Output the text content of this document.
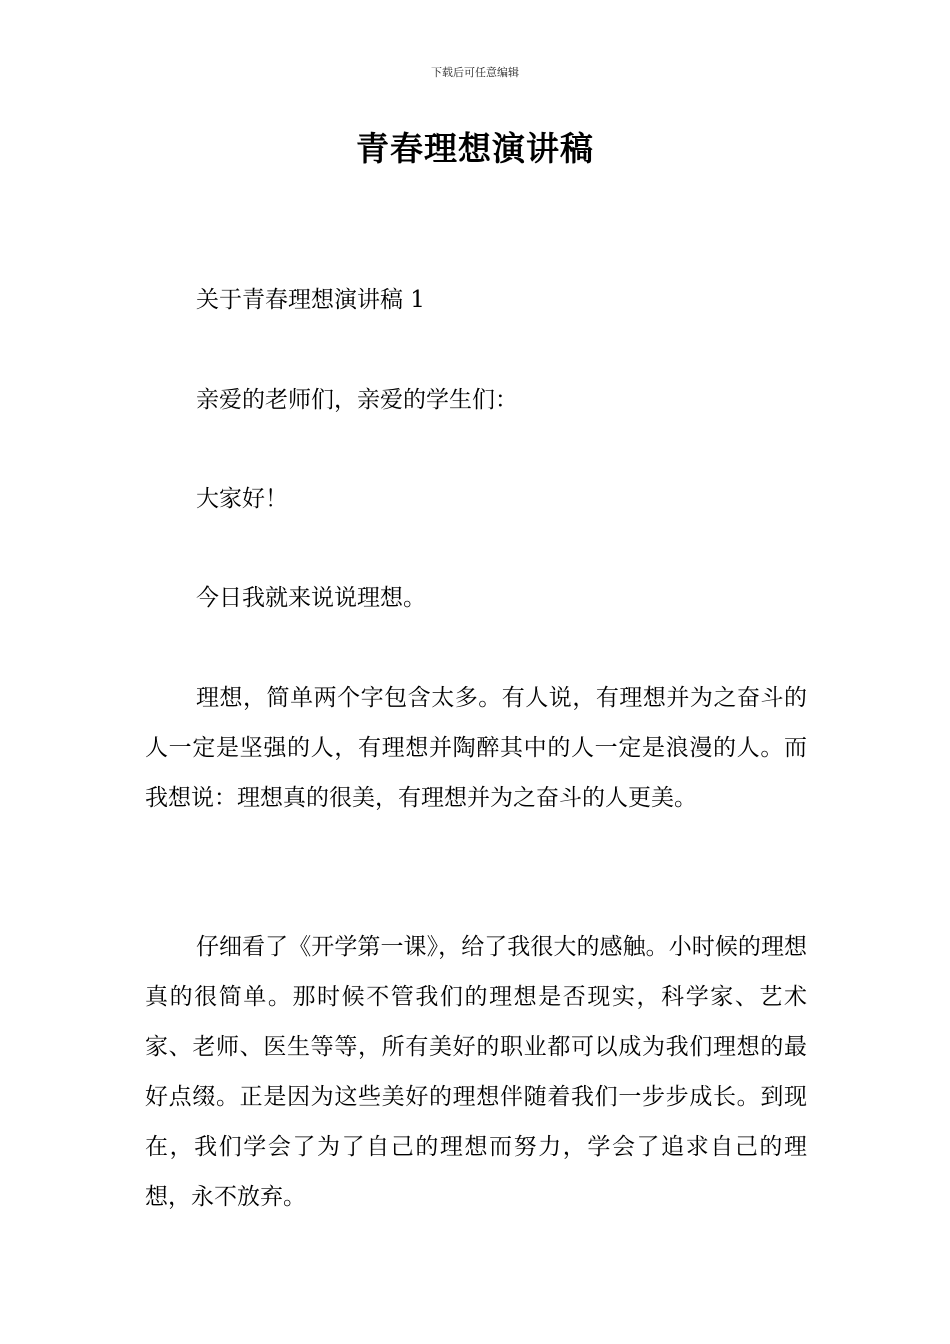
下载后可任意编辑
青春理想演讲稿

关于青春理想演讲稿 1

亲爱的老师们，亲爱的学生们：

大家好！

今日我就来说说理想。

理想，简单两个字包含太多。有人说，有理想并为之奋斗的人一定是坚强的人，有理想并陶醉其中的人一定是浪漫的人。而我想说：理想真的很美，有理想并为之奋斗的人更美。

仔细看了《开学第一课》，给了我很大的感触。小时候的理想真的很简单。那时候不管我们的理想是否现实，科学家、艺术家、老师、医生等等，所有美好的职业都可以成为我们理想的最好点缀。正是因为这些美好的理想伴随着我们一步步成长。到现在，我们学会了为了自己的理想而努力，学会了追求自己的理想，永不放弃。
